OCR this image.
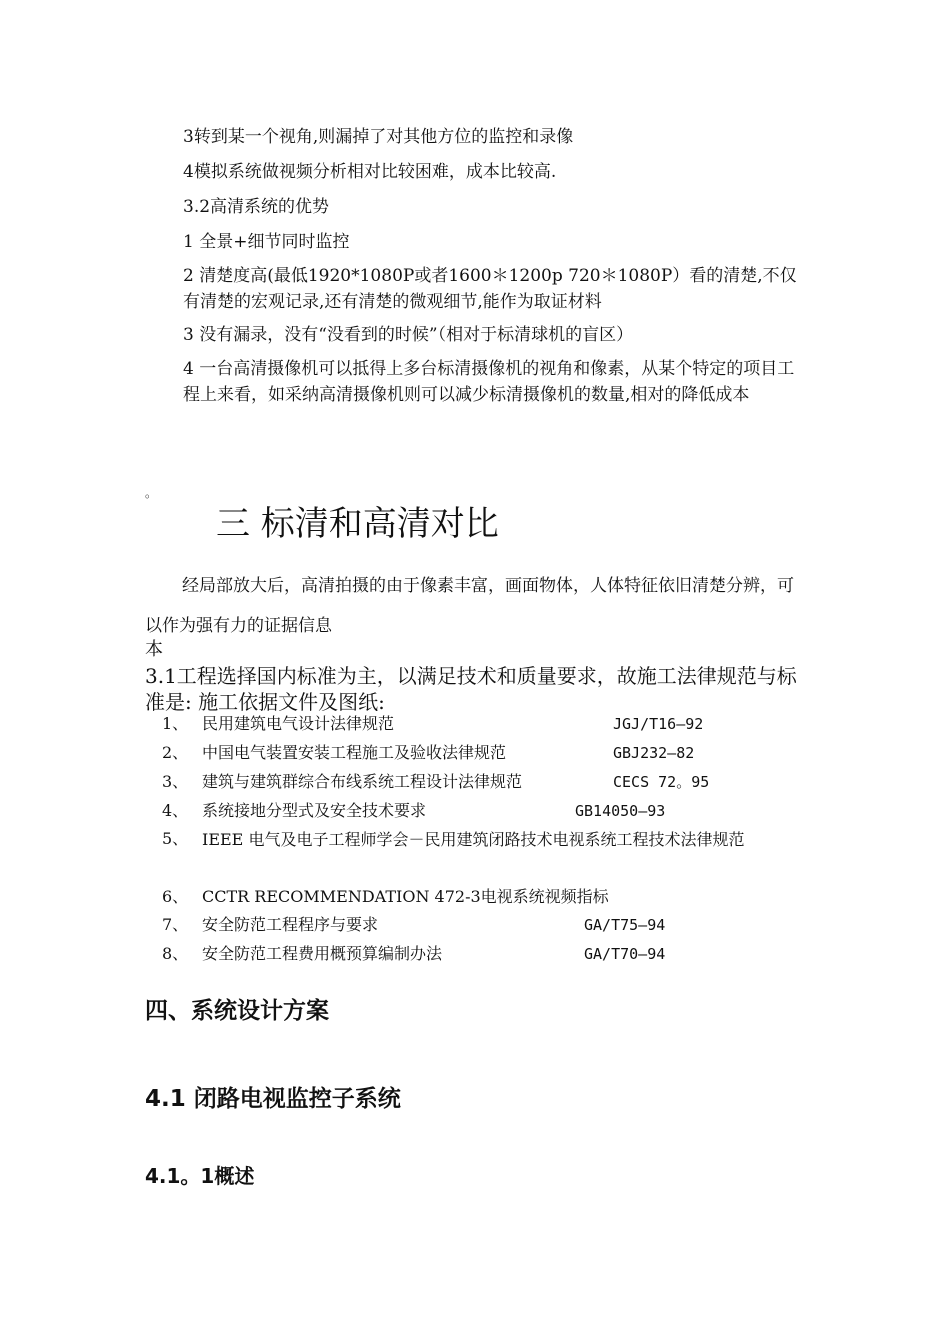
3转到某一个视角,则漏掉了对其他方位的监控和录像
4模拟系统做视频分析相对比较困难，成本比较高.
3.2高清系统的优势
1 全景+细节同时监控
2 清楚度高(最低1920*1080P或者1600＊1200p 720＊1080P）看的清楚,不仅有清楚的宏观记录,还有清楚的微观细节,能作为取证材料
3 没有漏录，没有“没看到的时候”（相对于标清球机的盲区）
4 一台高清摄像机可以抵得上多台标清摄像机的视角和像素，从某个特定的项目工程上来看，如采纳高清摄像机则可以减少标清摄像机的数量,相对的降低成本
。
三 标清和高清对比
经局部放大后，高清拍摄的由于像素丰富，画面物体，人体特征依旧清楚分辨，可以作为强有力的证据信息
本
3.1工程选择国内标准为主，以满足技术和质量要求，故施工法律规范与标准是: 施工依据文件及图纸:
1、 民用建筑电气设计法律规范	JGJ/T16—92
2、 中国电气装置安装工程施工及验收法律规范	GBJ232—82
3、 建筑与建筑群综合布线系统工程设计法律规范	CECS 72。95
4、 系统接地分型式及安全技术要求	GB14050—93
5、 IEEE 电气及电子工程师学会－民用建筑闭路技术电视系统工程技术法律规范
6、 CCTR RECOMMENDATION 472-3电视系统视频指标
7、 安全防范工程程序与要求	GA/T75—94
8、 安全防范工程费用概预算编制办法	GA/T70—94
四、系统设计方案
4.1 闭路电视监控子系统
4.1。1概述
